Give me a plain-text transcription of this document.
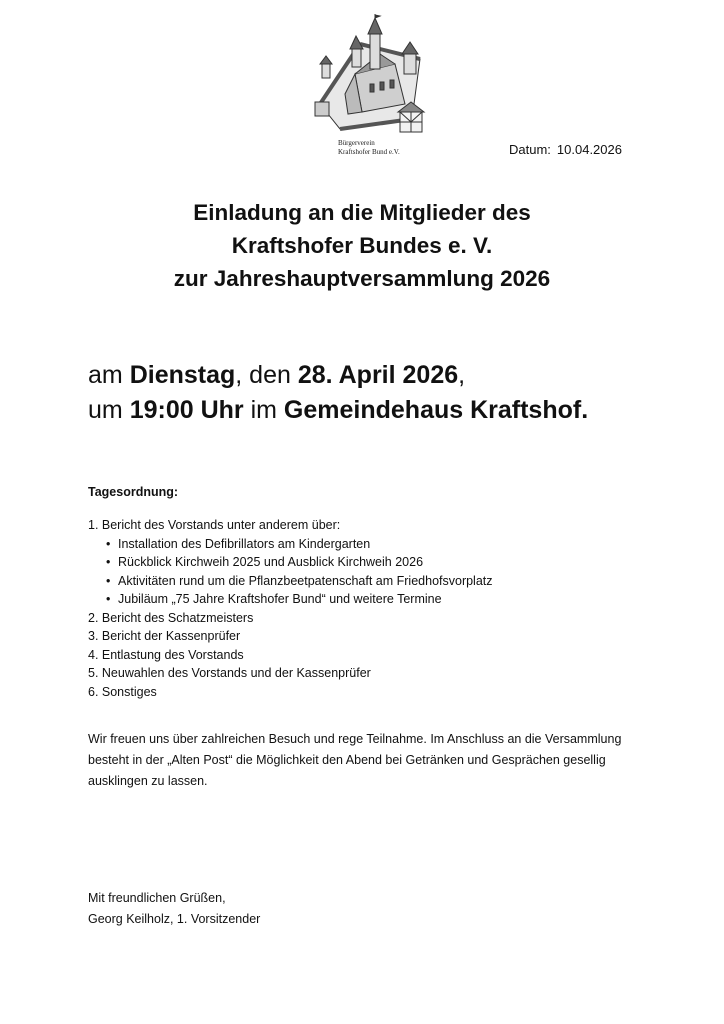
Bürgerverein
Kraftshofer Bund e.V.	Datum: 10.04.2026
Einladung an die Mitglieder des
Kraftshofer Bundes e. V.
zur Jahreshauptversammlung 2026
am Dienstag, den 28. April 2026,
um 19:00 Uhr im Gemeindehaus Kraftshof.
Tagesordnung:
1. Bericht des Vorstands unter anderem über:
• Installation des Defibrillators am Kindergarten
• Rückblick Kirchweih 2025 und Ausblick Kirchweih 2026
• Aktivitäten rund um die Pflanzbeetpatenschaft am Friedhofsvorplatz
• Jubiläum „75 Jahre Kraftshofer Bund“ und weitere Termine
2. Bericht des Schatzmeisters
3. Bericht der Kassenprüfer
4. Entlastung des Vorstands
5. Neuwahlen des Vorstands und der Kassenprüfer
6. Sonstiges
Wir freuen uns über zahlreichen Besuch und rege Teilnahme. Im Anschluss an die Versammlung besteht in der „Alten Post“ die Möglichkeit den Abend bei Getränken und Gesprächen gesellig ausklingen zu lassen.
Mit freundlichen Grüßen,
Georg Keilholz, 1. Vorsitzender
